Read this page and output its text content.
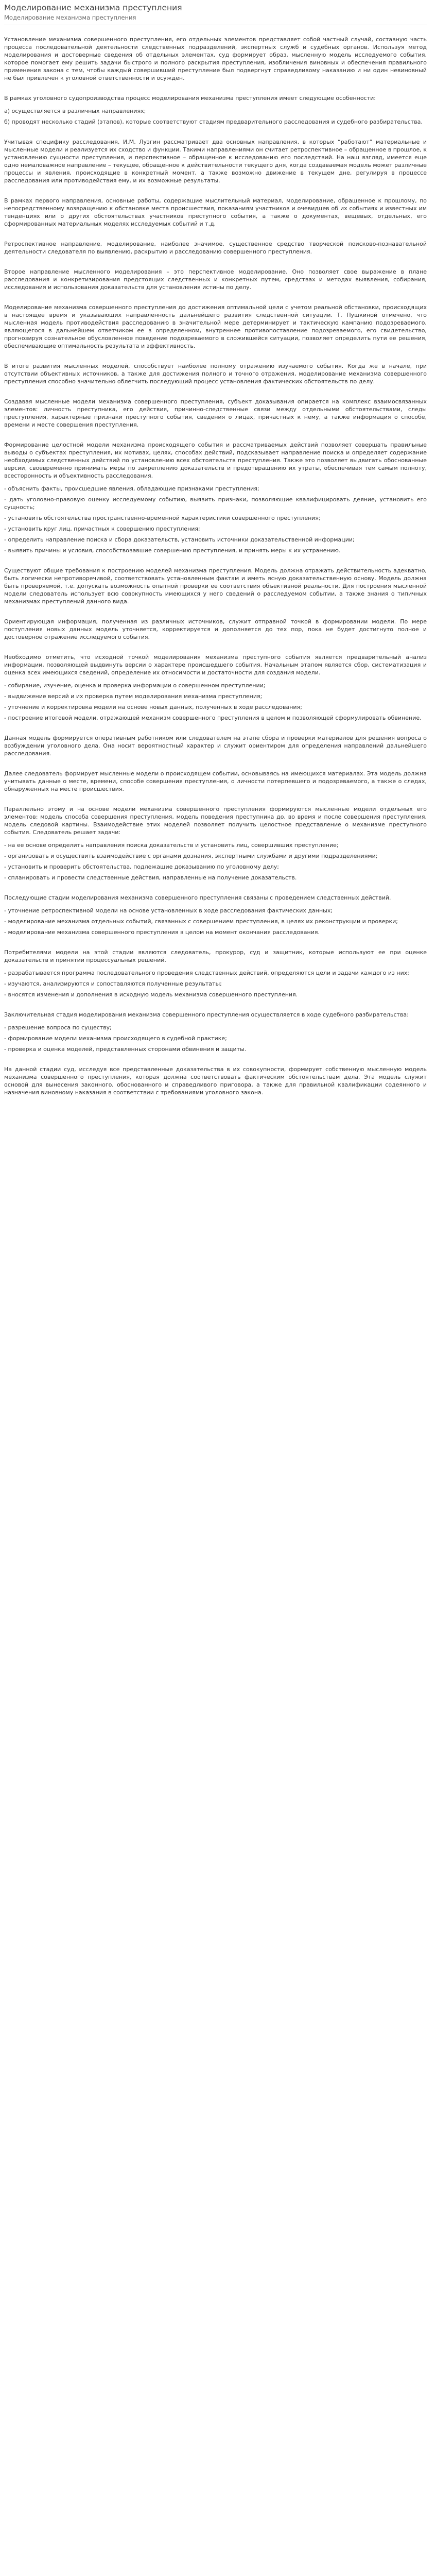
Моделирование механизма преступления
Моделирование механизма преступления

Установление механизма совершенного преступления, его отдельных элементов представляет собой частный случай, составную часть процесса последовательной деятельности следственных подразделений, экспертных служб и судебных органов. Используя метод моделирования и достоверные сведения об отдельных элементах, суд формирует образ, мысленную модель исследуемого события, которое помогает ему решить задачи быстрого и полного раскрытия преступления, изобличения виновных и обеспечения правильного применения закона с тем, чтобы каждый совершивший преступление был подвергнут справедливому наказанию и ни один невиновный не был привлечен к уголовной ответственности и осужден.

В рамках уголовного судопроизводства процесс моделирования механизма преступления имеет следующие особенности:

а) осуществляется в различных направлениях;
б) проводят несколько стадий (этапов), которые соответствуют стадиям предварительного расследования и судебного разбирательства.

Учитывая специфику расследования, И.М. Лузгин рассматривает два основных направления, в которых “работают” материальные и мысленные модели и реализуется их сходство и функции. Такими направлениями он считает ретроспективное – обращенное в прошлое, к установлению сущности преступления, и перспективное – обращенное к исследованию его последствий. На наш взгляд, имеется еще одно немаловажное направление – текущее, обращенное к действительности текущего дня, когда создаваемая модель может различные процессы и явления, происходящие в конкретный момент, а также возможно движение в текущем дне, регулируя в процессе расследования или противодействия ему, и их возможные результаты.

В рамках первого направления, основные работы, содержащие мыслительный материал, моделирование, обращенное к прошлому, по непосредственному возвращению к обстановке места происшествия, показаниям участников и очевидцев об их событиях и известных им тенденциях или о других обстоятельствах участников преступного события, а также о документах, вещевых, отдельных, его сформированных материальных моделях исследуемых событий и т.д.

Ретроспективное направление, моделирование, наиболее значимое, существенное средство творческой поисково-познавательной деятельности следователя по выявлению, раскрытию и расследованию совершенного преступления.

Второе направление мысленного моделирования – это перспективное моделирование. Оно позволяет свое выражение в плане расследования и конкретизирования предстоящих следственных и конкретных путем, средствах и методах выявления, собирания, исследования и использования доказательств для установления истины по делу.

Моделирование механизма совершенного преступления до достижения оптимальной цели с учетом реальной обстановки, происходящих в настоящее время и указывающих направленность дальнейшего развития следственной ситуации. Т. Пушкиной отмечено, что мысленная модель противодействия расследованию в значительной мере детерминирует и тактическую кампанию подозреваемого, являющегося в дальнейшем ответчиком ее в определенном, внутреннее противопоставление подозреваемого, его свидетельство, прогнозируя сознательное обусловленное поведение подозреваемого в сложившейся ситуации, позволяет определить пути ее решения, обеспечивающие оптимальность результата и эффективность.

В итоге развития мысленных моделей, способствует наиболее полному отражению изучаемого события. Когда же в начале, при отсутствии объективных источников, а также для достижения полного и точного отражения, моделирование механизма совершенного преступления способно значительно облегчить последующий процесс установления фактических обстоятельств по делу.

Создавая мысленные модели механизма совершенного преступления, субъект доказывания опирается на комплекс взаимосвязанных элементов: личность преступника, его действия, причинно-следственные связи между отдельными обстоятельствами, следы преступления, характерные признаки преступного события, сведения о лицах, причастных к нему, а также информация о способе, времени и месте совершения преступления.

Формирование целостной модели механизма происходящего события и рассматриваемых действий позволяет совершать правильные выводы о субъектах преступления, их мотивах, целях, способах действий, подсказывает направление поиска и определяет содержание необходимых следственных действий по установлению всех обстоятельств преступления. Также это позволяет выдвигать обоснованные версии, своевременно принимать меры по закреплению доказательств и предотвращению их утраты, обеспечивая тем самым полноту, всесторонность и объективность расследования.

- объяснить факты, происшедшие явления, обладающие признаками преступления;
- дать уголовно-правовую оценку исследуемому событию, выявить признаки, позволяющие квалифицировать деяние, установить его сущность;
- установить обстоятельства пространственно-временной характеристики совершенного преступления;
- установить круг лиц, причастных к совершению преступления;
- определить направление поиска и сбора доказательств, установить источники доказательственной информации;
- выявить причины и условия, способствовавшие совершению преступления, и принять меры к их устранению.

Существуют общие требования к построению моделей механизма преступления. Модель должна отражать действительность адекватно, быть логически непротиворечивой, соответствовать установленным фактам и иметь ясную доказательственную основу. Модель должна быть проверяемой, т.е. допускать возможность опытной проверки ее соответствия объективной реальности. Для построения мысленной модели следователь использует всю совокупность имеющихся у него сведений о расследуемом событии, а также знания о типичных механизмах преступлений данного вида.

Ориентирующая информация, полученная из различных источников, служит отправной точкой в формировании модели. По мере поступления новых данных модель уточняется, корректируется и дополняется до тех пор, пока не будет достигнуто полное и достоверное отражение исследуемого события.

Необходимо отметить, что исходной точкой моделирования механизма преступного события является предварительный анализ информации, позволяющей выдвинуть версии о характере происшедшего события. Начальным этапом является сбор, систематизация и оценка всех имеющихся сведений, определение их относимости и достаточности для создания модели.

- собирание, изучение, оценка и проверка информации о совершенном преступлении;
- выдвижение версий и их проверка путем моделирования механизма преступления;
- уточнение и корректировка модели на основе новых данных, полученных в ходе расследования;
- построение итоговой модели, отражающей механизм совершенного преступления в целом и позволяющей сформулировать обвинение.

Данная модель формируется оперативным работником или следователем на этапе сбора и проверки материалов для решения вопроса о возбуждении уголовного дела. Она носит вероятностный характер и служит ориентиром для определения направлений дальнейшего расследования.

Далее следователь формирует мысленные модели о происходящем событии, основываясь на имеющихся материалах. Эта модель должна учитывать данные о месте, времени, способе совершения преступления, о личности потерпевшего и подозреваемого, а также о следах, обнаруженных на месте происшествия.

Параллельно этому и на основе модели механизма совершенного преступления формируются мысленные модели отдельных его элементов: модель способа совершения преступления, модель поведения преступника до, во время и после совершения преступления, модель следовой картины. Взаимодействие этих моделей позволяет получить целостное представление о механизме преступного события. Следователь решает задачи:

- на ее основе определить направления поиска доказательств и установить лиц, совершивших преступление;
- организовать и осуществить взаимодействие с органами дознания, экспертными службами и другими подразделениями;
- установить и проверить обстоятельства, подлежащие доказыванию по уголовному делу;
- спланировать и провести следственные действия, направленные на получение доказательств.

Последующие стадии моделирования механизма совершенного преступления связаны с проведением следственных действий.

- уточнение ретроспективной модели на основе установленных в ходе расследования фактических данных;
- моделирование механизма отдельных событий, связанных с совершением преступления, в целях их реконструкции и проверки;
- моделирование механизма совершенного преступления в целом на момент окончания расследования.

Потребителями модели на этой стадии являются следователь, прокурор, суд и защитник, которые используют ее при оценке доказательств и принятии процессуальных решений.

- разрабатывается программа последовательного проведения следственных действий, определяются цели и задачи каждого из них;
- изучаются, анализируются и сопоставляются полученные результаты;
- вносятся изменения и дополнения в исходную модель механизма совершенного преступления.

Заключительная стадия моделирования механизма совершенного преступления осуществляется в ходе судебного разбирательства:

- разрешение вопроса по существу;
- формирование модели механизма происходящего в судебной практике;
- проверка и оценка моделей, представленных сторонами обвинения и защиты.

На данной стадии суд, исследуя все представленные доказательства в их совокупности, формирует собственную мысленную модель механизма совершенного преступления, которая должна соответствовать фактическим обстоятельствам дела. Эта модель служит основой для вынесения законного, обоснованного и справедливого приговора, а также для правильной квалификации содеянного и назначения виновному наказания в соответствии с требованиями уголовного закона.
